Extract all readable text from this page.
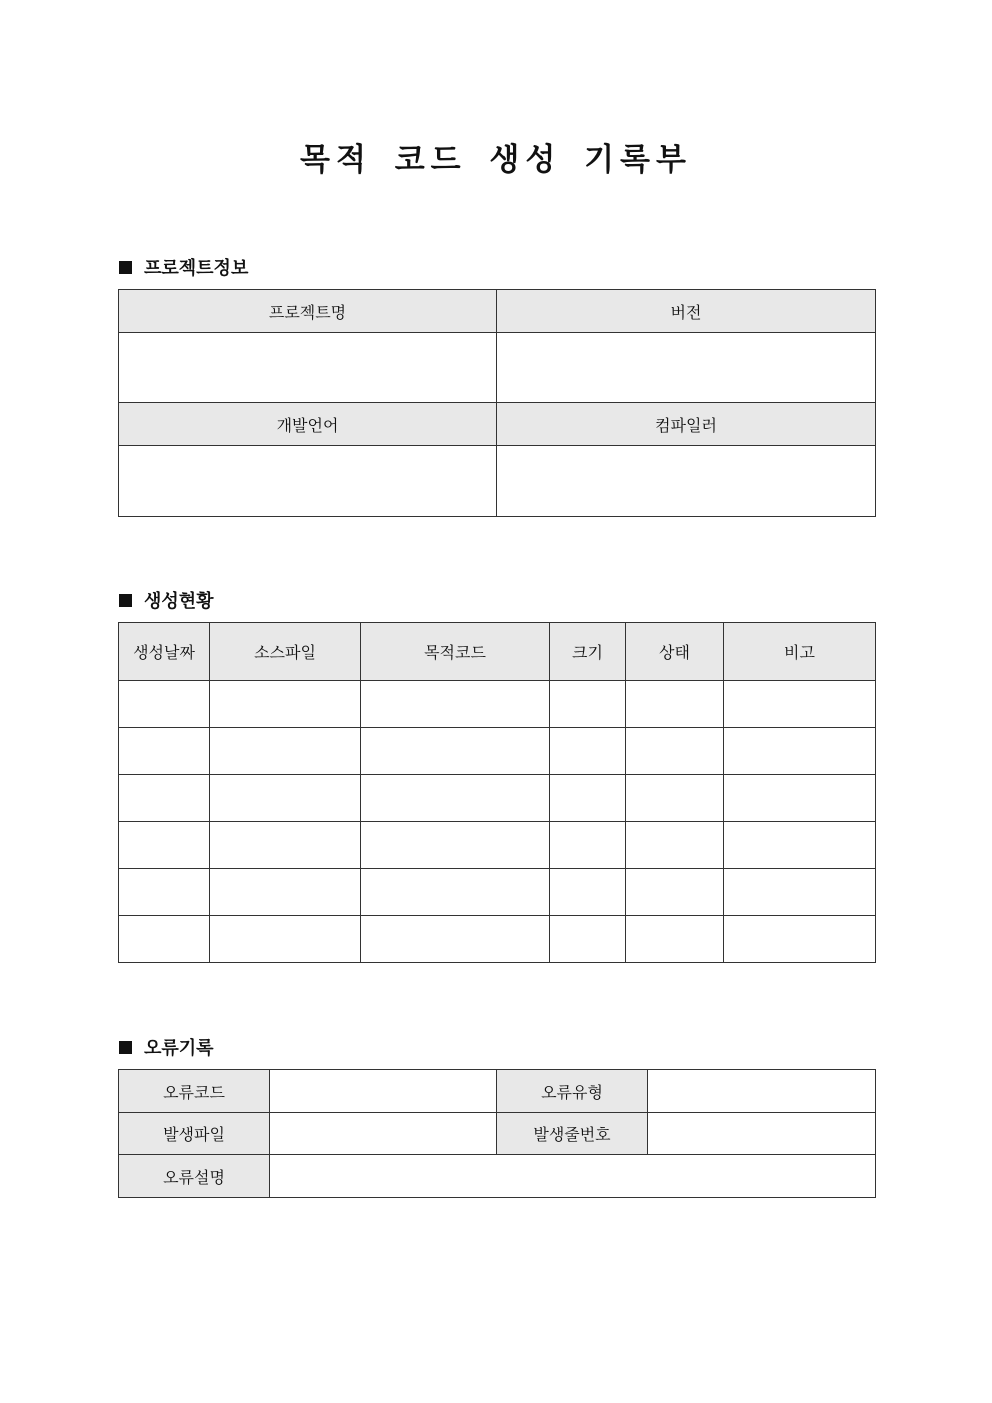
목적 코드 생성 기록부
프로젝트정보
프로젝트명	버전

개발언어	컴파일러

생성현황
생성날짜	소스파일	목적코드	크기	상태	비고

오류기록
오류코드		오류유형	
발생파일		발생줄번호	
오류설명			
